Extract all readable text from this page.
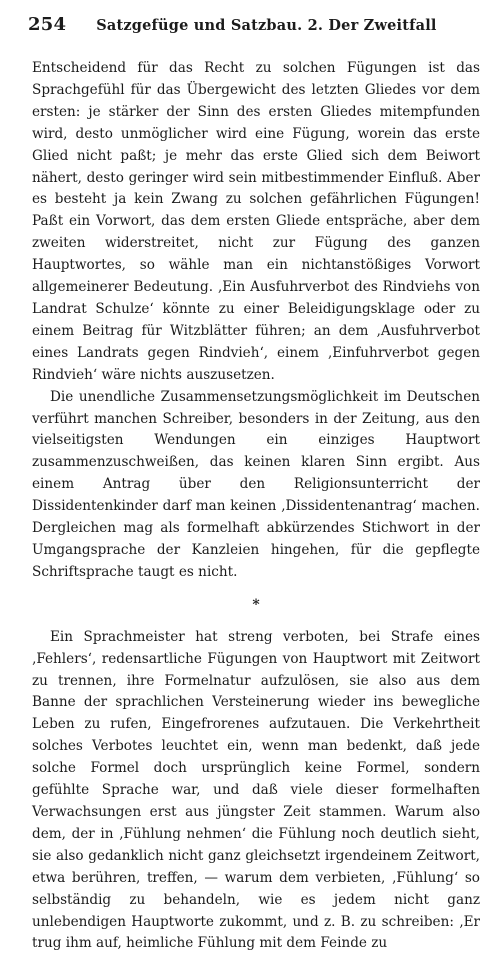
254 Satzgefüge und Satzbau. 2. Der Zweitfall

Entscheidend für das Recht zu solchen Fügungen ist das Sprachgefühl für das Übergewicht des letzten Gliedes vor dem ersten: je stärker der Sinn des ersten Gliedes mitempfunden wird, desto unmöglicher wird eine Fügung, worein das erste Glied nicht paßt; je mehr das erste Glied sich dem Beiwort nähert, desto geringer wird sein mitbestimmender Einfluß. Aber es besteht ja kein Zwang zu solchen gefährlichen Fügungen! Paßt ein Vorwort, das dem ersten Gliede entspräche, aber dem zweiten widerstreitet, nicht zur Fügung des ganzen Hauptwortes, so wähle man ein nichtanstößiges Vorwort allgemeinerer Bedeutung. ‚Ein Ausfuhrverbot des Rindviehs von Landrat Schulze‘ könnte zu einer Beleidigungsklage oder zu einem Beitrag für Witzblätter führen; an dem ‚Ausfuhrverbot eines Landrats gegen Rindvieh‘, einem ‚Einfuhrverbot gegen Rindvieh‘ wäre nichts auszusetzen.

Die unendliche Zusammensetzungsmöglichkeit im Deutschen verführt manchen Schreiber, besonders in der Zeitung, aus den vielseitigsten Wendungen ein einziges Hauptwort zusammenzuschweißen, das keinen klaren Sinn ergibt. Aus einem Antrag über den Religionsunterricht der Dissidentenkinder darf man keinen ‚Dissidentenantrag‘ machen. Dergleichen mag als formelhaft abkürzendes Stichwort in der Umgangsprache der Kanzleien hingehen, für die gepflegte Schriftsprache taugt es nicht.

*

Ein Sprachmeister hat streng verboten, bei Strafe eines ‚Fehlers‘, redensartliche Fügungen von Hauptwort mit Zeitwort zu trennen, ihre Formelnatur aufzulösen, sie also aus dem Banne der sprachlichen Versteinerung wieder ins bewegliche Leben zu rufen, Eingefrorenes aufzutauen. Die Verkehrtheit solches Verbotes leuchtet ein, wenn man bedenkt, daß jede solche Formel doch ursprünglich keine Formel, sondern gefühlte Sprache war, und daß viele dieser formelhaften Verwachsungen erst aus jüngster Zeit stammen. Warum also dem, der in ‚Fühlung nehmen‘ die Fühlung noch deutlich sieht, sie also gedanklich nicht ganz gleichsetzt irgendeinem Zeitwort, etwa berühren, treffen, — warum dem verbieten, ‚Fühlung‘ so selbständig zu behandeln, wie es jedem nicht ganz unlebendigen Hauptworte zukommt, und z. B. zu schreiben: ‚Er trug ihm auf, heimliche Fühlung mit dem Feinde zu
